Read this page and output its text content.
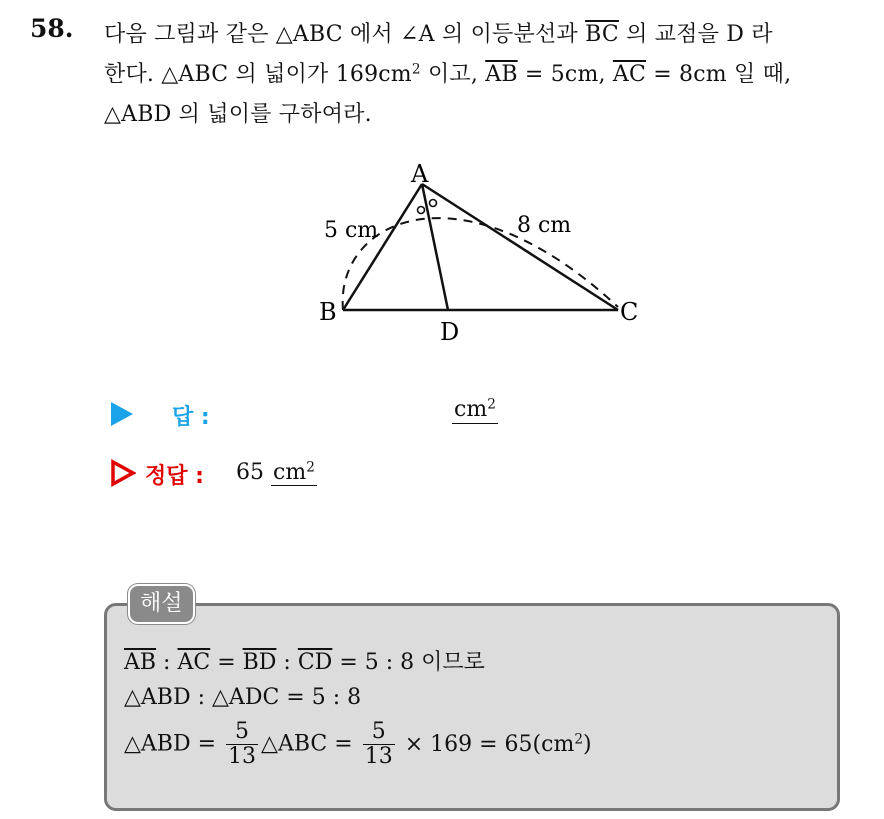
58. 다음 그림과 같은 △ABC 에서 ∠A 의 이등분선과 $\overline{BC}$ 의 교점을 D 라
한다. △ABC 의 넓이가 $169cm^2$ 이고, $\overline{AB} = 5cm$, $\overline{AC} = 8cm$ 일 때,
△ABD 의 넓이를 구하여라.
A
B	C
D
5 cm	8 cm
답 :	$cm^2$
정답 : 65 $cm^2$
해설
$\overline{AB}$ : $\overline{AC} = \overline{BD}$ : $\overline{CD} = 5$ : 8 이므로
△ABD : △ADC = 5 : 8
△ABD = $\frac{5}{13}$ △ABC = $\frac{5}{13} \times 169 = 65(cm^2)$
